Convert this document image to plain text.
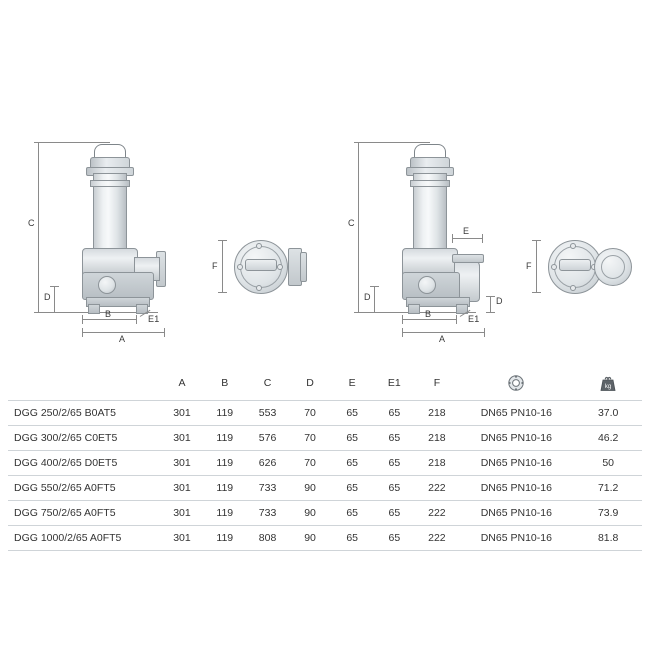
C
D
B	E1
A
F
C
E
D	D
B	E1
A
F
	A	B	C	D	E	E1	F		kg

DGG 250/2/65 B0AT5	301	119	553	70	65	65	218	DN65 PN10-16	37.0
DGG 300/2/65 C0ET5	301	119	576	70	65	65	218	DN65 PN10-16	46.2
DGG 400/2/65 D0ET5	301	119	626	70	65	65	218	DN65 PN10-16	50
DGG 550/2/65 A0FT5	301	119	733	90	65	65	222	DN65 PN10-16	71.2
DGG 750/2/65 A0FT5	301	119	733	90	65	65	222	DN65 PN10-16	73.9
DGG 1000/2/65 A0FT5	301	119	808	90	65	65	222	DN65 PN10-16	81.8
